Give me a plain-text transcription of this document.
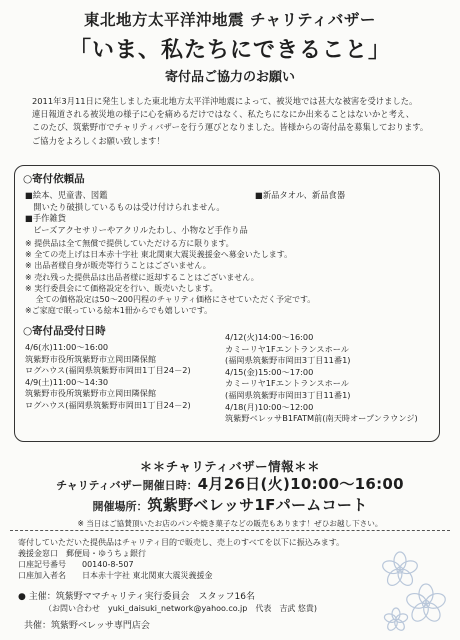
東北地方太平洋沖地震 チャリティバザー
「いま、私たちにできること」
寄付品ご協力のお願い
2011年3月11日に発生しました東北地方太平洋沖地震によって、被災地では甚大な被害を受けました。
連日報道される被災地の様子に心を痛めるだけではなく、私たちになにか出来ることはないかと考え、
このたび、筑紫野市でチャリティバザーを行う運びとなりました。皆様からの寄付品を募集しております。
ご協力をよろしくお願い致します！
○寄付依頼品
■絵本、児童書、図鑑
　開いたり破損しているものは受け付けられません。
■手作雑貨
　ビーズアクセサリーやアクリルたわし、小物など手作り品
■新品タオル、新品食器
※ 提供品は全て無償で提供していただける方に限ります。
※ 全ての売上げは日本赤十字社 東北関東大震災義援金へ募金いたします。
※ 出品者様自身が販売等行うことはございません。
※ 売れ残った提供品は出品者様に返却することはございません。
※ 実行委員会にて価格設定を行い、販売いたします。
　 全ての価格設定は50～200円程のチャリティ価格にさせていただく予定です。
※ご家庭で眠っている絵本1冊からでも嬉しいです。
○寄付品受付日時
4/6(水)11:00～16:00
筑紫野市役所筑紫野市立岡田隣保館
ログハウス(福岡県筑紫野市岡田1丁目24－2)
4/9(土)11:00～14:30
筑紫野市役所筑紫野市立岡田隣保館
ログハウス(福岡県筑紫野市岡田1丁目24－2)
4/12(火)14:00～16:00
カミーリヤ1Fエントランスホール
(福岡県筑紫野市岡田3丁目11番1)
4/15(金)15:00～17:00
カミーリヤ1Fエントランスホール
(福岡県筑紫野市岡田3丁目11番1)
4/18(月)10:00～12:00
筑紫野ベレッサB1FATM前(南天時オープンラウンジ)
＊＊チャリティバザー情報＊＊
チャリティバザー開催日時：4月26日(火)10:00～16:00
開催場所：筑紫野ベレッサ1Fパームコート
※ 当日はご協賛頂いたお店のパンや焼き菓子などの販売もあります！ぜひお越し下さい。
寄付していただいた提供品はチャリティ目的で販売し、売上のすべてを以下に振込みます。
義援金窓口　郵便局・ゆうちょ銀行
口座記号番号　　00140-8-507
口座加入者名　　日本赤十字社 東北関東大震災義援金
● 主催：筑紫野ママチャリティ実行委員会　スタッフ16名
（お問い合わせ　yuki_daisuki_network@yahoo.co.jp　代表　吉武 悠貴)
共催：筑紫野ベレッサ専門店会
